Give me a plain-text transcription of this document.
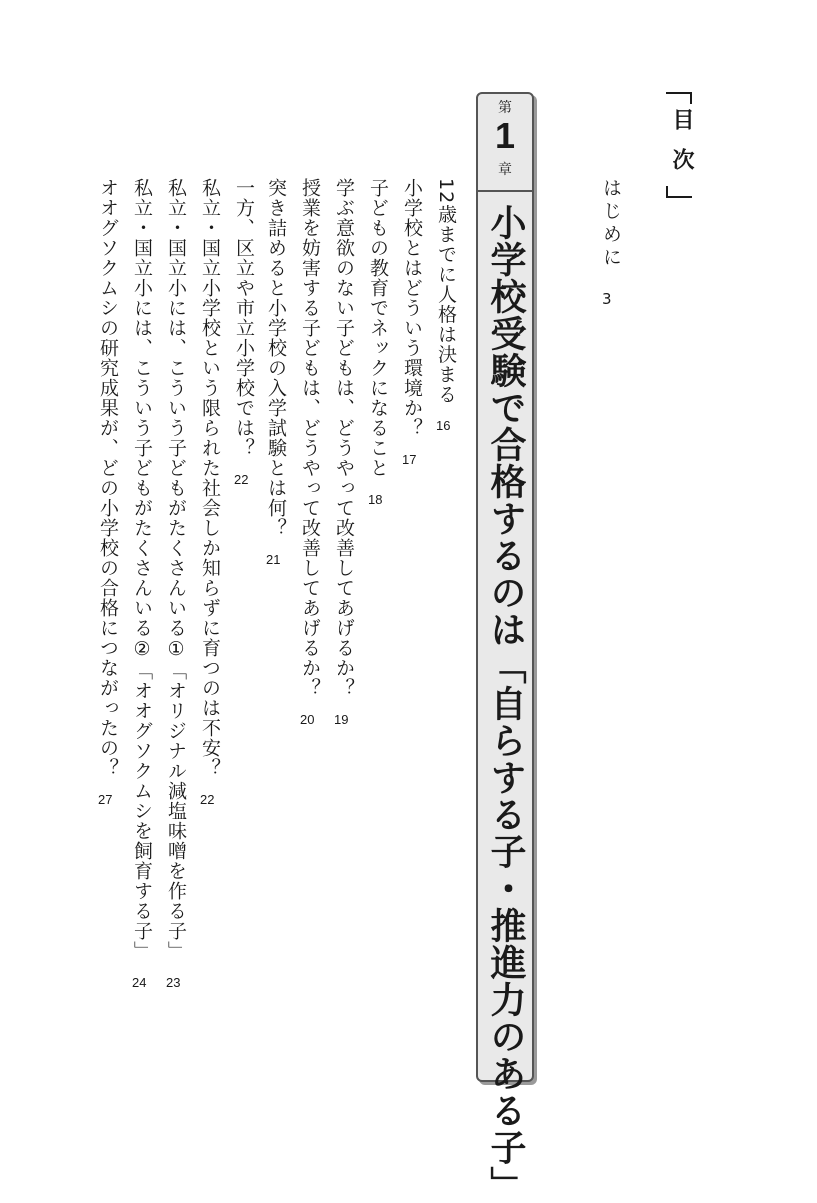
目次
はじめに
3
第
1
章
小学校受験で合格するのは「自らする子・推進力のある子」
12歳までに人格は決まる
16
小学校とはどういう環境か？
17
子どもの教育でネックになること
18
学ぶ意欲のない子どもは、どうやって改善してあげるか？
19
授業を妨害する子どもは、どうやって改善してあげるか？
20
突き詰めると小学校の入学試験とは何？
21
一方、区立や市立小学校では？
22
私立・国立小学校という限られた社会しか知らずに育つのは不安？
22
私立・国立小には、こういう子どもがたくさんいる①「オリジナル減塩味噌を作る子」
23
私立・国立小には、こういう子どもがたくさんいる②「オオグソクムシを飼育する子」
24
オオグソクムシの研究成果が、どの小学校の合格につながったの？
27
